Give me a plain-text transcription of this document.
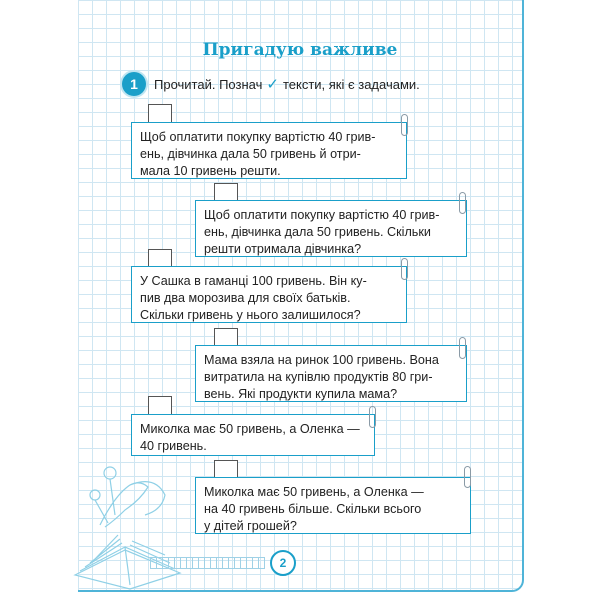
Пригадую важливе
1	Прочитай. Познач ✓ тексти, які є задачами.

Щоб оплатити покупку вартістю 40 грив-

ень, дівчинка дала 50 гривень й отри-

мала 10 гривень решти.

Щоб оплатити покупку вартістю 40 грив-

ень, дівчинка дала 50 гривень. Скільки

решти отримала дівчинка?

У Сашка в гаманці 100 гривень. Він ку-

пив два морозива для своїх батьків.

Скільки гривень у нього залишилося?

Мама взяла на ринок 100 гривень. Вона

витратила на купівлю продуктів 80 гри-

вень. Які продукти купила мама?

Миколка має 50 гривень, а Оленка —

40 гривень.

Миколка має 50 гривень, а Оленка —

на 40 гривень більше. Скільки всього

у дітей грошей?

2
